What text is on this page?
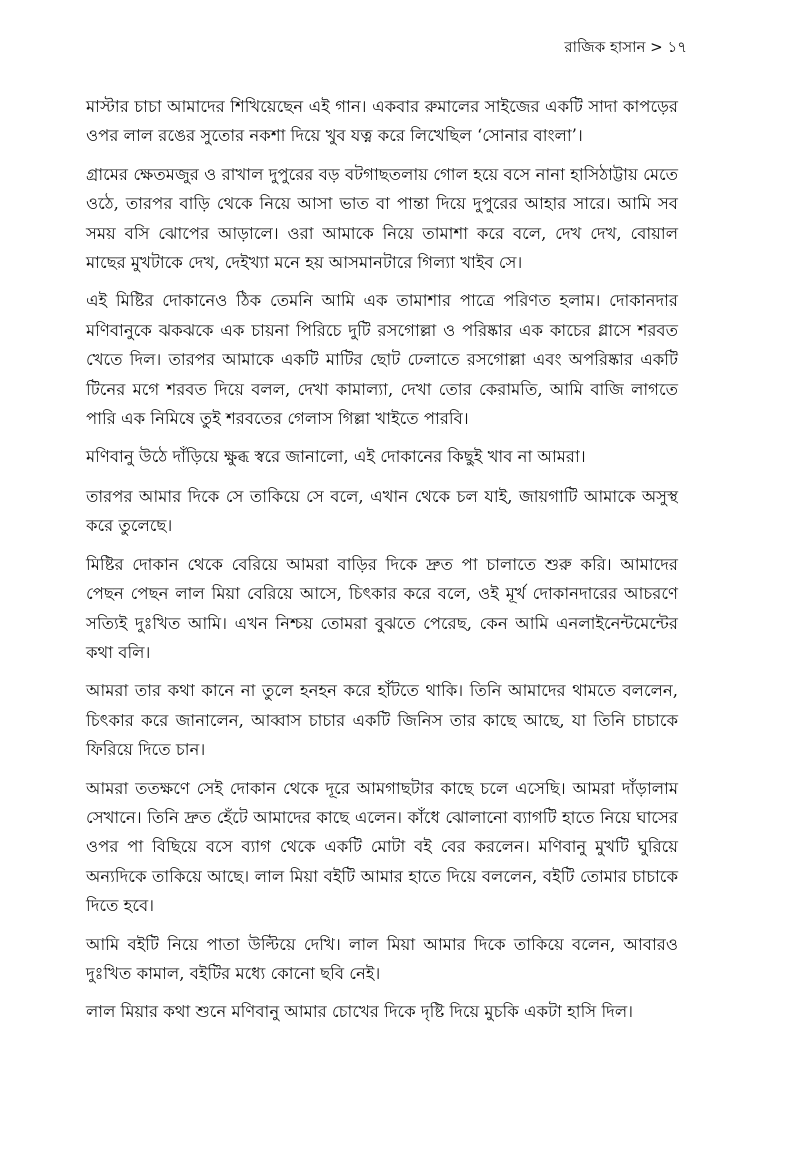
রাজিক হাসান > ১৭

মাস্টার চাচা আমাদের শিখিয়েছেন এই গান। একবার রুমালের সাইজের একটি সাদা কাপড়ের ওপর লাল রঙের সুতোর নকশা দিয়ে খুব যত্ন করে লিখেছিল ‘সোনার বাংলা’।

গ্রামের ক্ষেতমজুর ও রাখাল দুপুরের বড় বটগাছতলায় গোল হয়ে বসে নানা হাসিঠাট্টায় মেতে ওঠে, তারপর বাড়ি থেকে নিয়ে আসা ভাত বা পান্তা দিয়ে দুপুরের আহার সারে। আমি সব সময় বসি ঝোপের আড়ালে। ওরা আমাকে নিয়ে তামাশা করে বলে, দেখ দেখ, বোয়াল মাছের মুখটাকে দেখ, দেইখ্যা মনে হয় আসমানটারে গিল্যা খাইব সে।

এই মিষ্টির দোকানেও ঠিক তেমনি আমি এক তামাশার পাত্রে পরিণত হলাম। দোকানদার মণিবানুকে ঝকঝকে এক চায়না পিরিচে দুটি রসগোল্লা ও পরিষ্কার এক কাচের গ্লাসে শরবত খেতে দিল। তারপর আমাকে একটি মাটির ছোট ঢেলাতে রসগোল্লা এবং অপরিষ্কার একটি টিনের মগে শরবত দিয়ে বলল, দেখা কামাল্যা, দেখা তোর কেরামতি, আমি বাজি লাগতে পারি এক নিমিষে তুই শরবতের গেলাস গিল্লা খাইতে পারবি।

মণিবানু উঠে দাঁড়িয়ে ক্ষুব্ধ স্বরে জানালো, এই দোকানের কিছুই খাব না আমরা।

তারপর আমার দিকে সে তাকিয়ে সে বলে, এখান থেকে চল যাই, জায়গাটি আমাকে অসুস্থ করে তুলেছে।

মিষ্টির দোকান থেকে বেরিয়ে আমরা বাড়ির দিকে দ্রুত পা চালাতে শুরু করি। আমাদের পেছন পেছন লাল মিয়া বেরিয়ে আসে, চিৎকার করে বলে, ওই মূর্খ দোকানদারের আচরণে সত্যিই দুঃখিত আমি। এখন নিশ্চয় তোমরা বুঝতে পেরেছ, কেন আমি এনলাইনেন্টমেন্টের কথা বলি।

আমরা তার কথা কানে না তুলে হনহন করে হাঁটতে থাকি। তিনি আমাদের থামতে বললেন, চিৎকার করে জানালেন, আব্বাস চাচার একটি জিনিস তার কাছে আছে, যা তিনি চাচাকে ফিরিয়ে দিতে চান।

আমরা ততক্ষণে সেই দোকান থেকে দূরে আমগাছটার কাছে চলে এসেছি। আমরা দাঁড়ালাম সেখানে। তিনি দ্রুত হেঁটে আমাদের কাছে এলেন। কাঁধে ঝোলানো ব্যাগটি হাতে নিয়ে ঘাসের ওপর পা বিছিয়ে বসে ব্যাগ থেকে একটি মোটা বই বের করলেন। মণিবানু মুখটি ঘুরিয়ে অন্যদিকে তাকিয়ে আছে। লাল মিয়া বইটি আমার হাতে দিয়ে বললেন, বইটি তোমার চাচাকে দিতে হবে।

আমি বইটি নিয়ে পাতা উল্টিয়ে দেখি। লাল মিয়া আমার দিকে তাকিয়ে বলেন, আবারও দুঃখিত কামাল, বইটির মধ্যে কোনো ছবি নেই।

লাল মিয়ার কথা শুনে মণিবানু আমার চোখের দিকে দৃষ্টি দিয়ে মুচকি একটা হাসি দিল।
